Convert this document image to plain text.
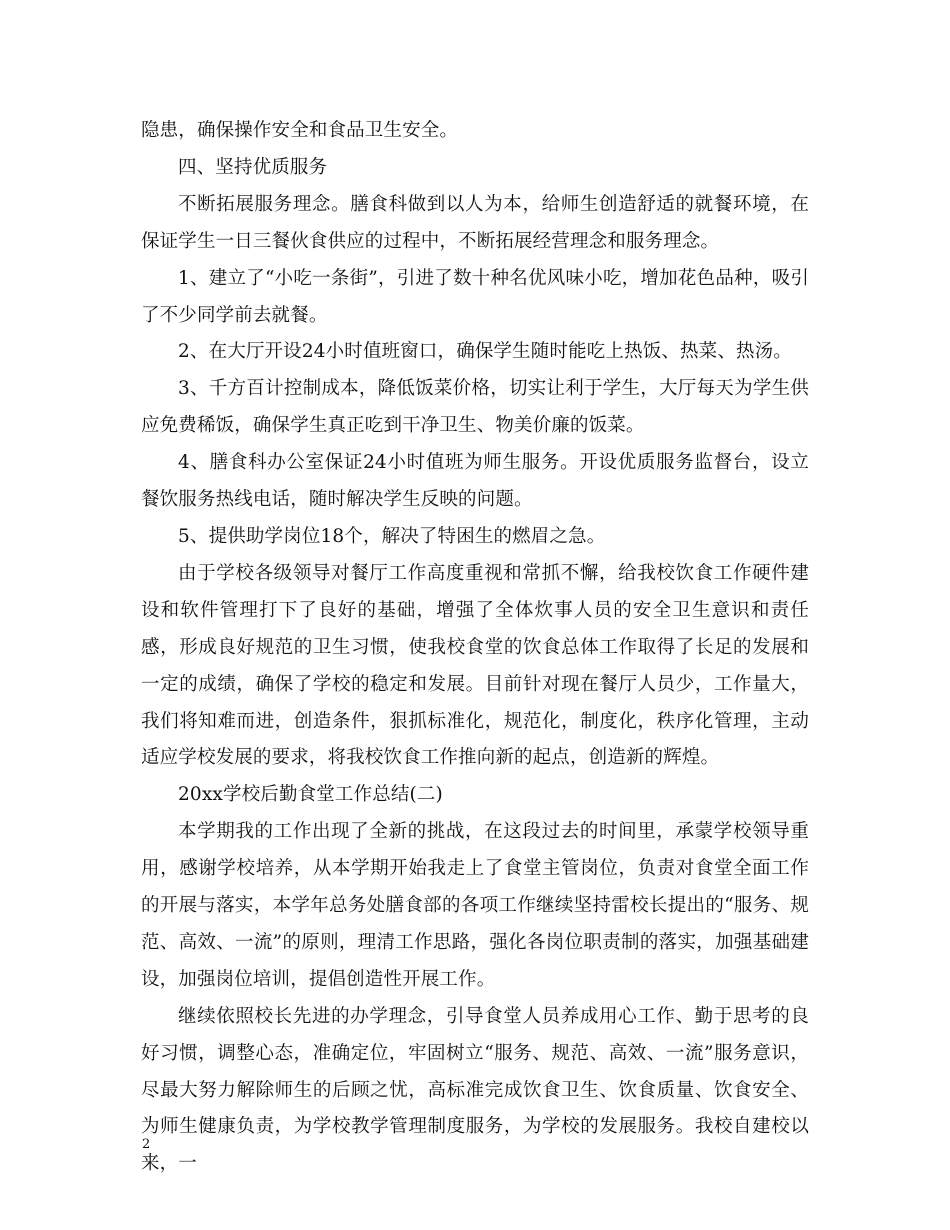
隐患，确保操作安全和食品卫生安全。

四、坚持优质服务

不断拓展服务理念。膳食科做到以人为本，给师生创造舒适的就餐环境，在保证学生一日三餐伙食供应的过程中，不断拓展经营理念和服务理念。

1、建立了“小吃一条街”，引进了数十种名优风味小吃，增加花色品种，吸引了不少同学前去就餐。

2、在大厅开设24小时值班窗口，确保学生随时能吃上热饭、热菜、热汤。

3、千方百计控制成本，降低饭菜价格，切实让利于学生，大厅每天为学生供应免费稀饭，确保学生真正吃到干净卫生、物美价廉的饭菜。

4、膳食科办公室保证24小时值班为师生服务。开设优质服务监督台，设立餐饮服务热线电话，随时解决学生反映的问题。

5、提供助学岗位18个，解决了特困生的燃眉之急。

由于学校各级领导对餐厅工作高度重视和常抓不懈，给我校饮食工作硬件建设和软件管理打下了良好的基础，增强了全体炊事人员的安全卫生意识和责任感，形成良好规范的卫生习惯，使我校食堂的饮食总体工作取得了长足的发展和一定的成绩，确保了学校的稳定和发展。目前针对现在餐厅人员少，工作量大，我们将知难而进，创造条件，狠抓标准化，规范化，制度化，秩序化管理，主动适应学校发展的要求，将我校饮食工作推向新的起点，创造新的辉煌。

20xx学校后勤食堂工作总结(二)

本学期我的工作出现了全新的挑战，在这段过去的时间里，承蒙学校领导重用，感谢学校培养，从本学期开始我走上了食堂主管岗位，负责对食堂全面工作的开展与落实，本学年总务处膳食部的各项工作继续坚持雷校长提出的“服务、规范、高效、一流”的原则，理清工作思路，强化各岗位职责制的落实，加强基础建设，加强岗位培训，提倡创造性开展工作。

继续依照校长先进的办学理念，引导食堂人员养成用心工作、勤于思考的良好习惯，调整心态，准确定位，牢固树立“服务、规范、高效、一流”服务意识，尽最大努力解除师生的后顾之忧，高标准完成饮食卫生、饮食质量、饮食安全、为师生健康负责，为学校教学管理制度服务，为学校的发展服务。我校自建校以来，一

2
